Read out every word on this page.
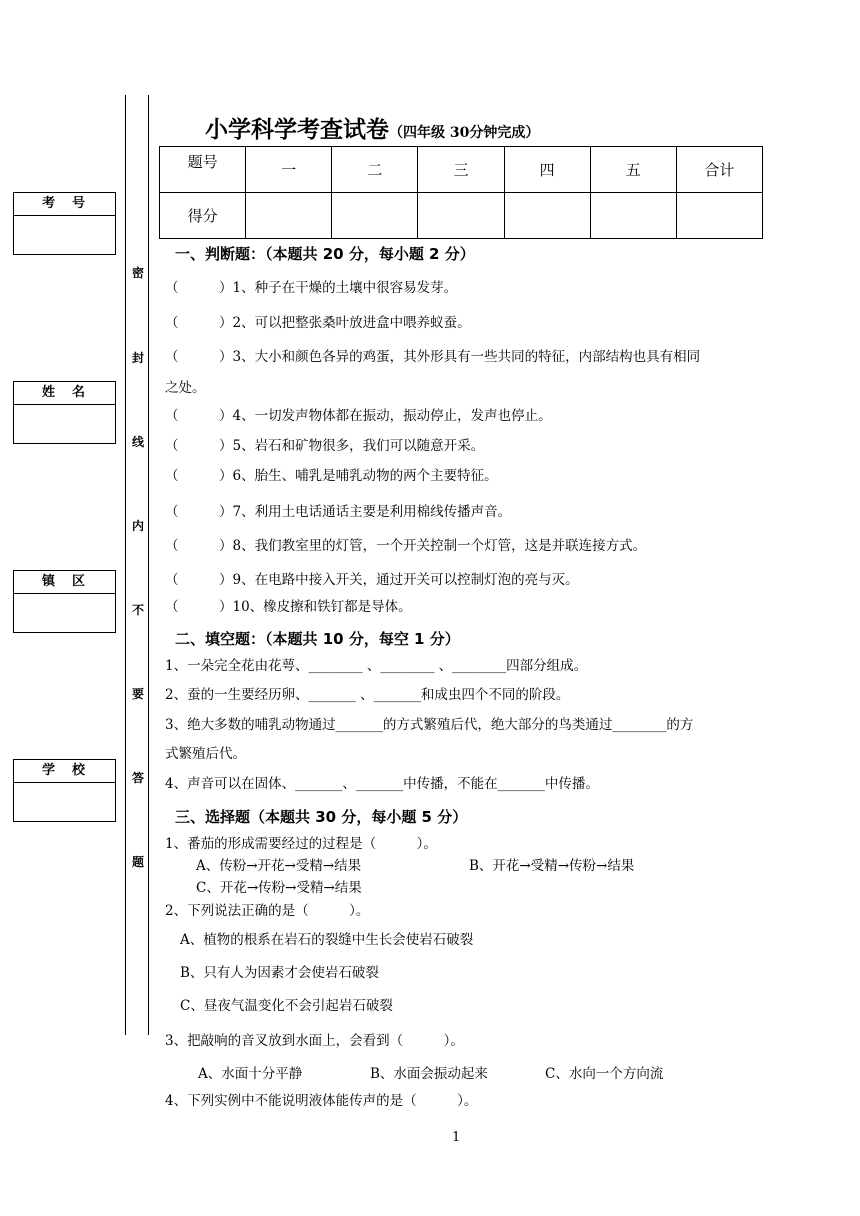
考　号
姓　名
镇　区
学　校
密
封
线
内
不
要
答
题
小学科学考查试卷（四年级 30分钟完成）
题号	一	二	三	四	五	合计
得分						
一、判断题：（本题共 20 分，每小题 2 分）
（　　　）1、种子在干燥的土壤中很容易发芽。
（　　　）2、可以把整张桑叶放进盒中喂养蚁蚕。
（　　　）3、大小和颜色各异的鸡蛋，其外形具有一些共同的特征，内部结构也具有相同
之处。
（　　　）4、一切发声物体都在振动，振动停止，发声也停止。
（　　　）5、岩石和矿物很多，我们可以随意开采。
（　　　）6、胎生、哺乳是哺乳动物的两个主要特征。
（　　　）7、利用土电话通话主要是利用棉线传播声音。
（　　　）8、我们教室里的灯管，一个开关控制一个灯管，这是并联连接方式。
（　　　）9、在电路中接入开关，通过开关可以控制灯泡的亮与灭。
（　　　）10、橡皮擦和铁钉都是导体。
二、填空题：（本题共 10 分，每空 1 分）
1、一朵完全花由花萼、________ 、________ 、________四部分组成。
2、蚕的一生要经历卵、_______ 、_______和成虫四个不同的阶段。
3、绝大多数的哺乳动物通过_______的方式繁殖后代，绝大部分的鸟类通过________的方
式繁殖后代。
4、声音可以在固体、_______、_______中传播，不能在_______中传播。
三、选择题（本题共 30 分，每小题 5 分）
1、番茄的形成需要经过的过程是（　　　）。
A、传粉→开花→受精→结果	B、开花→受精→传粉→结果
C、开花→传粉→受精→结果
2、下列说法正确的是（　　　）。
A、植物的根系在岩石的裂缝中生长会使岩石破裂
B、只有人为因素才会使岩石破裂
C、昼夜气温变化不会引起岩石破裂
3、把敲响的音叉放到水面上，会看到（　　　）。
A、水面十分平静	B、水面会振动起来	C、水向一个方向流
4、下列实例中不能说明液体能传声的是（　　　）。
1
